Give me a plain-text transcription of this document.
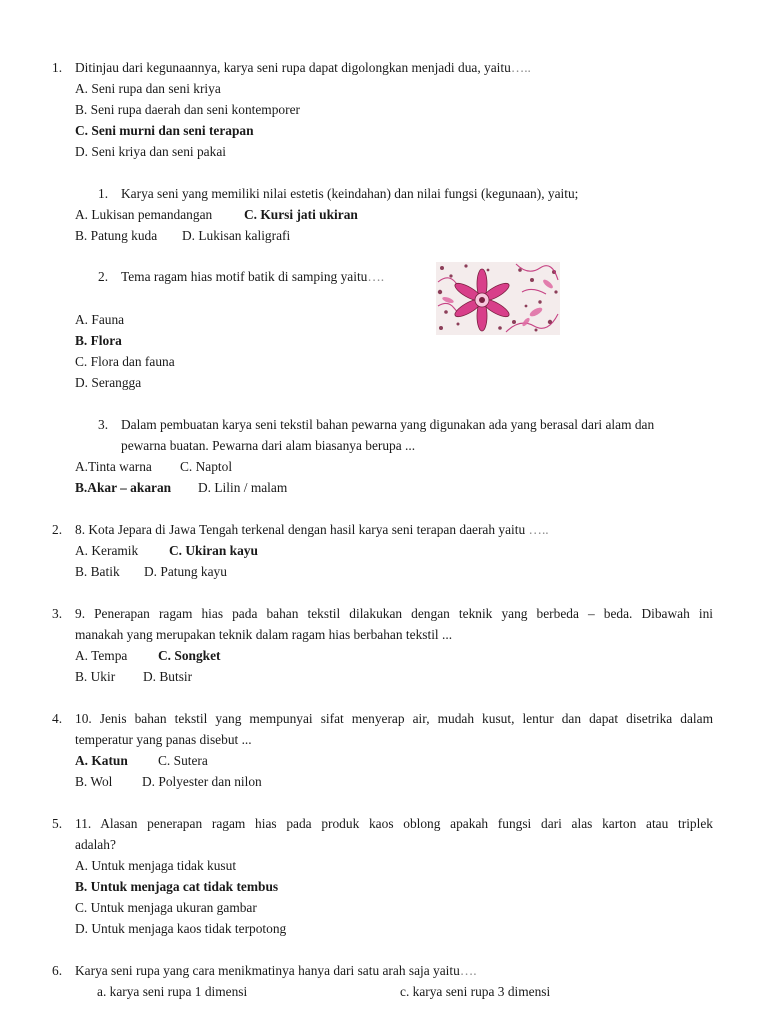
1. Ditinjau dari kegunaannya, karya seni rupa dapat digolongkan menjadi dua, yaitu…..
A. Seni rupa dan seni kriya
B. Seni rupa daerah dan seni kontemporer
C. Seni murni dan seni terapan
D. Seni kriya dan seni pakai
1. Karya seni yang memiliki nilai estetis (keindahan) dan nilai fungsi (kegunaan), yaitu;
A. Lukisan pemandangan C. Kursi jati ukiran
B. Patung kuda D. Lukisan kaligrafi
2. Tema ragam hias motif batik di samping yaitu….
A. Fauna
B. Flora
C. Flora dan fauna
D. Serangga
3. Dalam pembuatan karya seni tekstil bahan pewarna yang digunakan ada yang berasal dari alam dan
pewarna buatan. Pewarna dari alam biasanya berupa ...
A.Tinta warna C. Naptol
B.Akar – akaran D. Lilin / malam
2. 8. Kota Jepara di Jawa Tengah terkenal dengan hasil karya seni terapan daerah yaitu …..
A. Keramik C. Ukiran kayu
B. Batik D. Patung kayu
3. 9. Penerapan ragam hias pada bahan tekstil dilakukan dengan teknik yang berbeda – beda. Dibawah ini
manakah yang merupakan teknik dalam ragam hias berbahan tekstil ...
A. Tempa C. Songket
B. Ukir D. Butsir
4. 10. Jenis bahan tekstil yang mempunyai sifat menyerap air, mudah kusut, lentur dan dapat disetrika dalam
temperatur yang panas disebut ...
A. Katun C. Sutera
B. Wol D. Polyester dan nilon
5. 11. Alasan penerapan ragam hias pada produk kaos oblong apakah fungsi dari alas karton atau triplek
adalah?
A. Untuk menjaga tidak kusut
B. Untuk menjaga cat tidak tembus
C. Untuk menjaga ukuran gambar
D. Untuk menjaga kaos tidak terpotong
6. Karya seni rupa yang cara menikmatinya hanya dari satu arah saja yaitu….
a. karya seni rupa 1 dimensi	c. karya seni rupa 3 dimensi
